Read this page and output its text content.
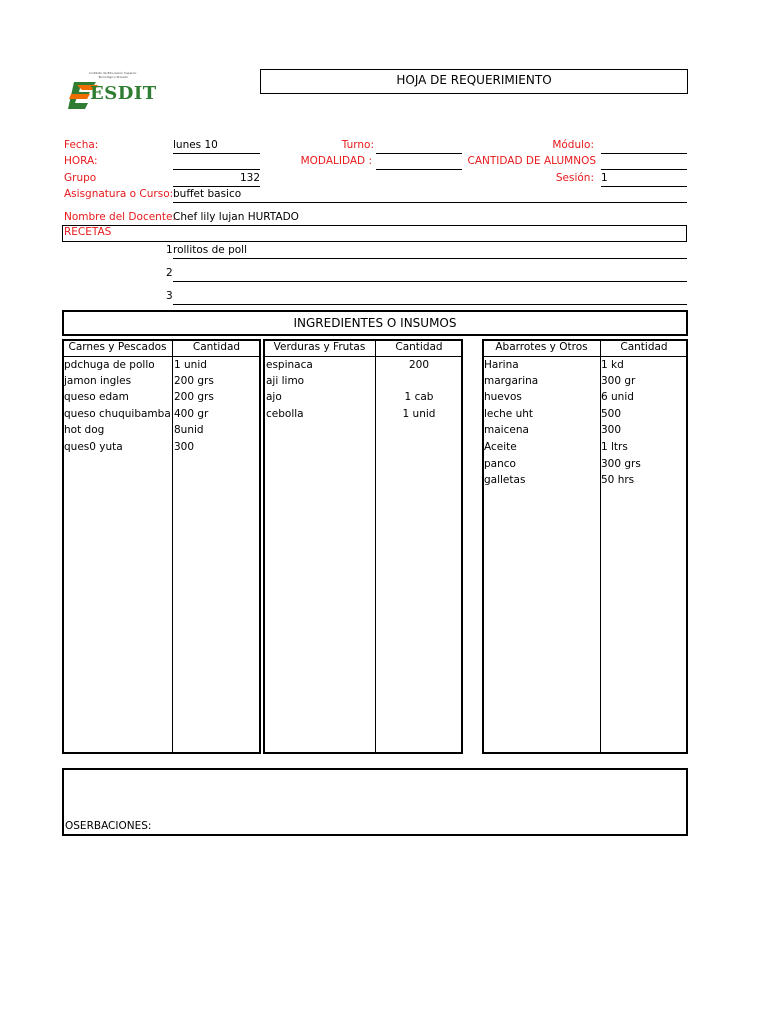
Instituto de Educación Superior
Tecnológico Privado
ESDIT
HOJA DE REQUERIMIENTO
Fecha:	lunes 10
HORA:
Grupo	132
Asisgnatura o Curso: buffet basico
Turno:
MODALIDAD :
Módulo:
CANTIDAD DE ALUMNOS
Sesión: 1
Nombre del Docente:
Chef lily lujan HURTADO
RECETAS
1 rollitos de poll
2
3
INGREDIENTES O INSUMOS
Carnes y Pescados	Cantidad
pdchuga de pollo 1 unid
jamon ingles	200 grs
queso edam	200 grs
queso chuquibamba 400 gr
hot dog	8unid
ques0 yuta	300
Verduras y Frutas	Cantidad
espinaca	200
aji limo
ajo	1 cab
cebolla	1 unid
Abarrotes y Otros	Cantidad
Harina	1 kd
margarina	300 gr
huevos	6 unid
leche uht	500
maicena	300
Aceite	1 ltrs
panco	300 grs
galletas	50 hrs
OSERBACIONES:
